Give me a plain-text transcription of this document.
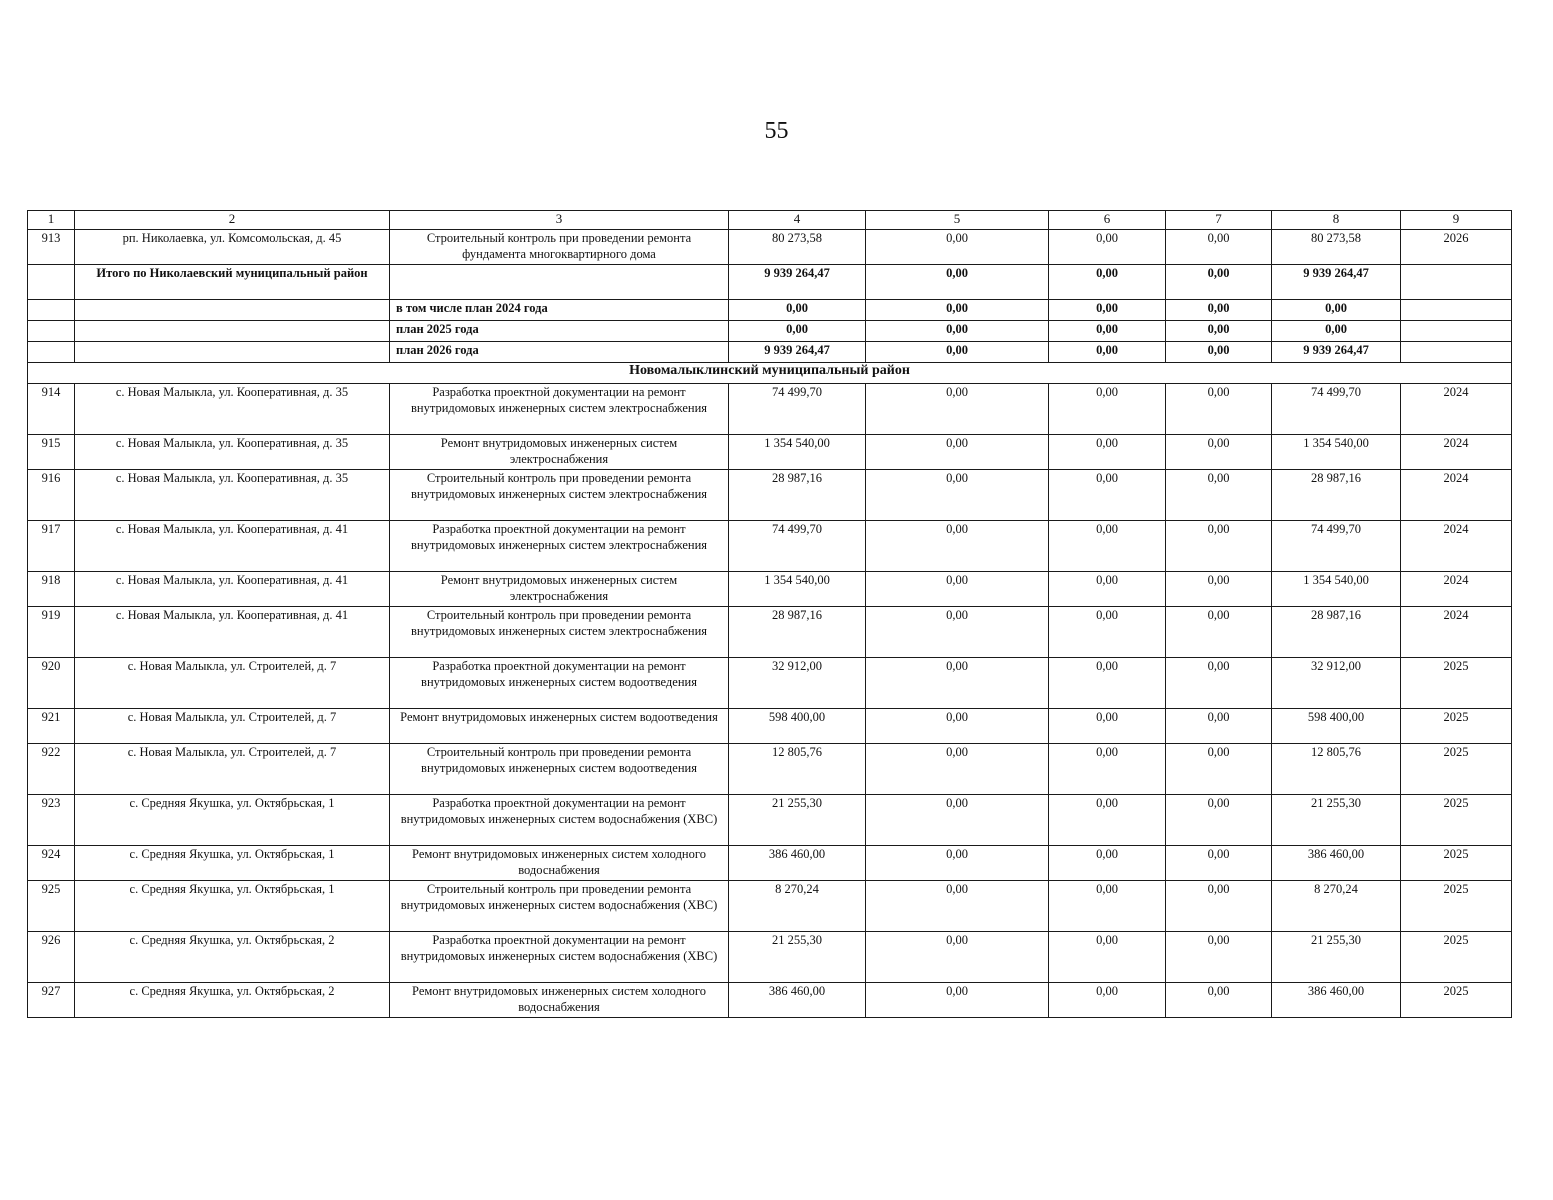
55
1	2	3	4	5	6	7	8	9
913	рп. Николаевка, ул. Комсомольская, д. 45	Строительный контроль при проведении ремонта фундамента многоквартирного дома	80 273,58	0,00	0,00	0,00	80 273,58	2026
	Итого по Николаевский муниципальный район		9 939 264,47	0,00	0,00	0,00	9 939 264,47	
		в том числе план 2024 года	0,00	0,00	0,00	0,00	0,00	
		план 2025 года	0,00	0,00	0,00	0,00	0,00	
		план 2026 года	9 939 264,47	0,00	0,00	0,00	9 939 264,47	
Новомалыклинский муниципальный район								
914	с. Новая Малыкла, ул. Кооперативная, д. 35	Разработка проектной документации на ремонт внутридомовых инженерных систем электроснабжения	74 499,70	0,00	0,00	0,00	74 499,70	2024
915	с. Новая Малыкла, ул. Кооперативная, д. 35	Ремонт внутридомовых инженерных систем электроснабжения	1 354 540,00	0,00	0,00	0,00	1 354 540,00	2024
916	с. Новая Малыкла, ул. Кооперативная, д. 35	Строительный контроль при проведении ремонта внутридомовых инженерных систем электроснабжения	28 987,16	0,00	0,00	0,00	28 987,16	2024
917	с. Новая Малыкла, ул. Кооперативная, д. 41	Разработка проектной документации на ремонт внутридомовых инженерных систем электроснабжения	74 499,70	0,00	0,00	0,00	74 499,70	2024
918	с. Новая Малыкла, ул. Кооперативная, д. 41	Ремонт внутридомовых инженерных систем электроснабжения	1 354 540,00	0,00	0,00	0,00	1 354 540,00	2024
919	с. Новая Малыкла, ул. Кооперативная, д. 41	Строительный контроль при проведении ремонта внутридомовых инженерных систем электроснабжения	28 987,16	0,00	0,00	0,00	28 987,16	2024
920	с. Новая Малыкла, ул. Строителей, д. 7	Разработка проектной документации на ремонт внутридомовых инженерных систем водоотведения	32 912,00	0,00	0,00	0,00	32 912,00	2025
921	с. Новая Малыкла, ул. Строителей, д. 7	Ремонт внутридомовых инженерных систем водоотведения	598 400,00	0,00	0,00	0,00	598 400,00	2025
922	с. Новая Малыкла, ул. Строителей, д. 7	Строительный контроль при проведении ремонта внутридомовых инженерных систем водоотведения	12 805,76	0,00	0,00	0,00	12 805,76	2025
923	с. Средняя Якушка, ул. Октябрьская, 1	Разработка проектной документации на ремонт внутридомовых инженерных систем водоснабжения (ХВС)	21 255,30	0,00	0,00	0,00	21 255,30	2025
924	с. Средняя Якушка, ул. Октябрьская, 1	Ремонт внутридомовых инженерных систем холодного водоснабжения	386 460,00	0,00	0,00	0,00	386 460,00	2025
925	с. Средняя Якушка, ул. Октябрьская, 1	Строительный контроль при проведении ремонта внутридомовых инженерных систем водоснабжения (ХВС)	8 270,24	0,00	0,00	0,00	8 270,24	2025
926	с. Средняя Якушка, ул. Октябрьская, 2	Разработка проектной документации на ремонт внутридомовых инженерных систем водоснабжения (ХВС)	21 255,30	0,00	0,00	0,00	21 255,30	2025
927	с. Средняя Якушка, ул. Октябрьская, 2	Ремонт внутридомовых инженерных систем холодного водоснабжения	386 460,00	0,00	0,00	0,00	386 460,00	2025
